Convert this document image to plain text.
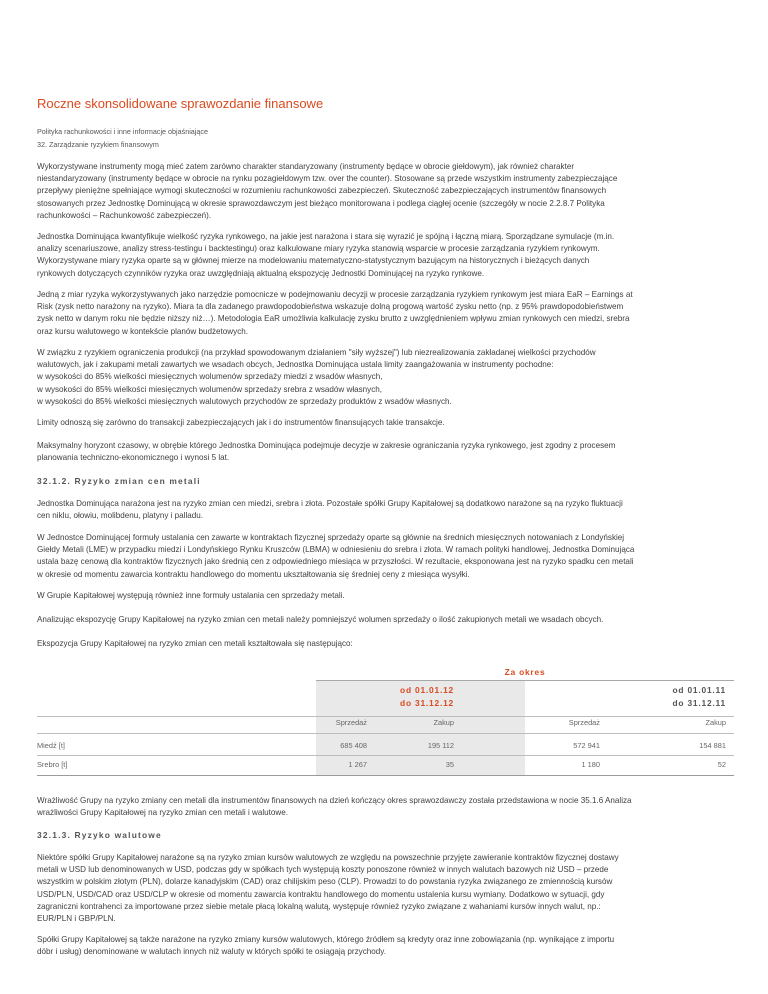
Roczne skonsolidowane sprawozdanie finansowe
Polityka rachunkowości i inne informacje objaśniające
32. Zarządzanie ryzykiem finansowym
Wykorzystywane instrumenty mogą mieć zatem zarówno charakter standaryzowany (instrumenty będące w obrocie giełdowym), jak również charakter
niestandaryzowany (instrumenty będące w obrocie na rynku pozagiełdowym tzw. over the counter). Stosowane są przede wszystkim instrumenty zabezpieczające
przepływy pieniężne spełniające wymogi skuteczności w rozumieniu rachunkowości zabezpieczeń. Skuteczność zabezpieczających instrumentów finansowych
stosowanych przez Jednostkę Dominującą w okresie sprawozdawczym jest bieżąco monitorowana i podlega ciągłej ocenie (szczegóły w nocie 2.2.8.7 Polityka
rachunkowości – Rachunkowość zabezpieczeń).
Jednostka Dominująca kwantyfikuje wielkość ryzyka rynkowego, na jakie jest narażona i stara się wyrazić je spójną i łączną miarą. Sporządzane symulacje (m.in.
analizy scenariuszowe, analizy stress-testingu i backtestingu) oraz kalkulowane miary ryzyka stanowią wsparcie w procesie zarządzania ryzykiem rynkowym.
Wykorzystywane miary ryzyka oparte są w głównej mierze na modelowaniu matematyczno-statystycznym bazującym na historycznych i bieżących danych
rynkowych dotyczących czynników ryzyka oraz uwzględniają aktualną ekspozycję Jednostki Dominującej na ryzyko rynkowe.
Jedną z miar ryzyka wykorzystywanych jako narzędzie pomocnicze w podejmowaniu decyzji w procesie zarządzania ryzykiem rynkowym jest miara EaR – Earnings at
Risk (zysk netto narażony na ryzyko). Miara ta dla zadanego prawdopodobieństwa wskazuje dolną progową wartość zysku netto (np. z 95% prawdopodobieństwem
zysk netto w danym roku nie będzie niższy niż…). Metodologia EaR umożliwia kalkulację zysku brutto z uwzględnieniem wpływu zmian rynkowych cen miedzi, srebra
oraz kursu walutowego w kontekście planów budżetowych.
W związku z ryzykiem ograniczenia produkcji (na przykład spowodowanym działaniem "siły wyższej") lub niezrealizowania zakładanej wielkości przychodów
walutowych, jak i zakupami metali zawartych we wsadach obcych, Jednostka Dominująca ustala limity zaangażowania w instrumenty pochodne:
w wysokości do 85% wielkości miesięcznych wolumenów sprzedaży miedzi z wsadów własnych,
w wysokości do 85% wielkości miesięcznych wolumenów sprzedaży srebra z wsadów własnych,
w wysokości do 85% wielkości miesięcznych walutowych przychodów ze sprzedaży produktów z wsadów własnych.
Limity odnoszą się zarówno do transakcji zabezpieczających jak i do instrumentów finansujących takie transakcje.
Maksymalny horyzont czasowy, w obrębie którego Jednostka Dominująca podejmuje decyzje w zakresie ograniczania ryzyka rynkowego, jest zgodny z procesem
planowania techniczno-ekonomicznego i wynosi 5 lat.
32.1.2. Ryzyko zmian cen metali
Jednostka Dominująca narażona jest na ryzyko zmian cen miedzi, srebra i złota. Pozostałe spółki Grupy Kapitałowej są dodatkowo narażone są na ryzyko fluktuacji
cen niklu, ołowiu, molibdenu, platyny i palladu.
W Jednostce Dominującej formuły ustalania cen zawarte w kontraktach fizycznej sprzedaży oparte są głównie na średnich miesięcznych notowaniach z Londyńskiej
Giełdy Metali (LME) w przypadku miedzi i Londyńskiego Rynku Kruszców (LBMA) w odniesieniu do srebra i złota. W ramach polityki handlowej, Jednostka Dominująca
ustala bazę cenową dla kontraktów fizycznych jako średnią cen z odpowiedniego miesiąca w przyszłości. W rezultacie, eksponowana jest na ryzyko spadku cen metali
w okresie od momentu zawarcia kontraktu handlowego do momentu ukształtowania się średniej ceny z miesiąca wysyłki.
W Grupie Kapitałowej występują również inne formuły ustalania cen sprzedaży metali.
Analizując ekspozycję Grupy Kapitałowej na ryzyko zmian cen metali należy pomniejszyć wolumen sprzedaży o ilość zakupionych metali we wsadach obcych.
Ekspozycja Grupy Kapitałowej na ryzyko zmian cen metali kształtowała się następująco:
Za okres
od 01.01.12
do 31.12.12
od 01.01.11
do 31.12.11
Sprzedaż	Zakup	Sprzedaż	Zakup
Miedź [t]	685 408	195 112	572 941	154 881
Srebro [t]	1 267	35	1 180	52
Wrażliwość Grupy na ryzyko zmiany cen metali dla instrumentów finansowych na dzień kończący okres sprawozdawczy została przedstawiona w nocie 35.1.6 Analiza
wrażliwości Grupy Kapitałowej na ryzyko zmian cen metali i walutowe.
32.1.3. Ryzyko walutowe
Niektóre spółki Grupy Kapitałowej narażone są na ryzyko zmian kursów walutowych ze względu na powszechnie przyjęte zawieranie kontraktów fizycznej dostawy
metali w USD lub denominowanych w USD, podczas gdy w spółkach tych występują koszty ponoszone również w innych walutach bazowych niż USD – przede
wszystkim w polskim złotym (PLN), dolarze kanadyjskim (CAD) oraz chilijskim peso (CLP). Prowadzi to do powstania ryzyka związanego ze zmiennością kursów
USD/PLN, USD/CAD oraz USD/CLP w okresie od momentu zawarcia kontraktu handlowego do momentu ustalenia kursu wymiany. Dodatkowo w sytuacji, gdy
zagraniczni kontrahenci za importowane przez siebie metale płacą lokalną walutą, występuje również ryzyko związane z wahaniami kursów innych walut, np.:
EUR/PLN i GBP/PLN.
Spółki Grupy Kapitałowej są także narażone na ryzyko zmiany kursów walutowych, którego źródłem są kredyty oraz inne zobowiązania (np. wynikające z importu
dóbr i usług) denominowane w walutach innych niż waluty w których spółki te osiągają przychody.
